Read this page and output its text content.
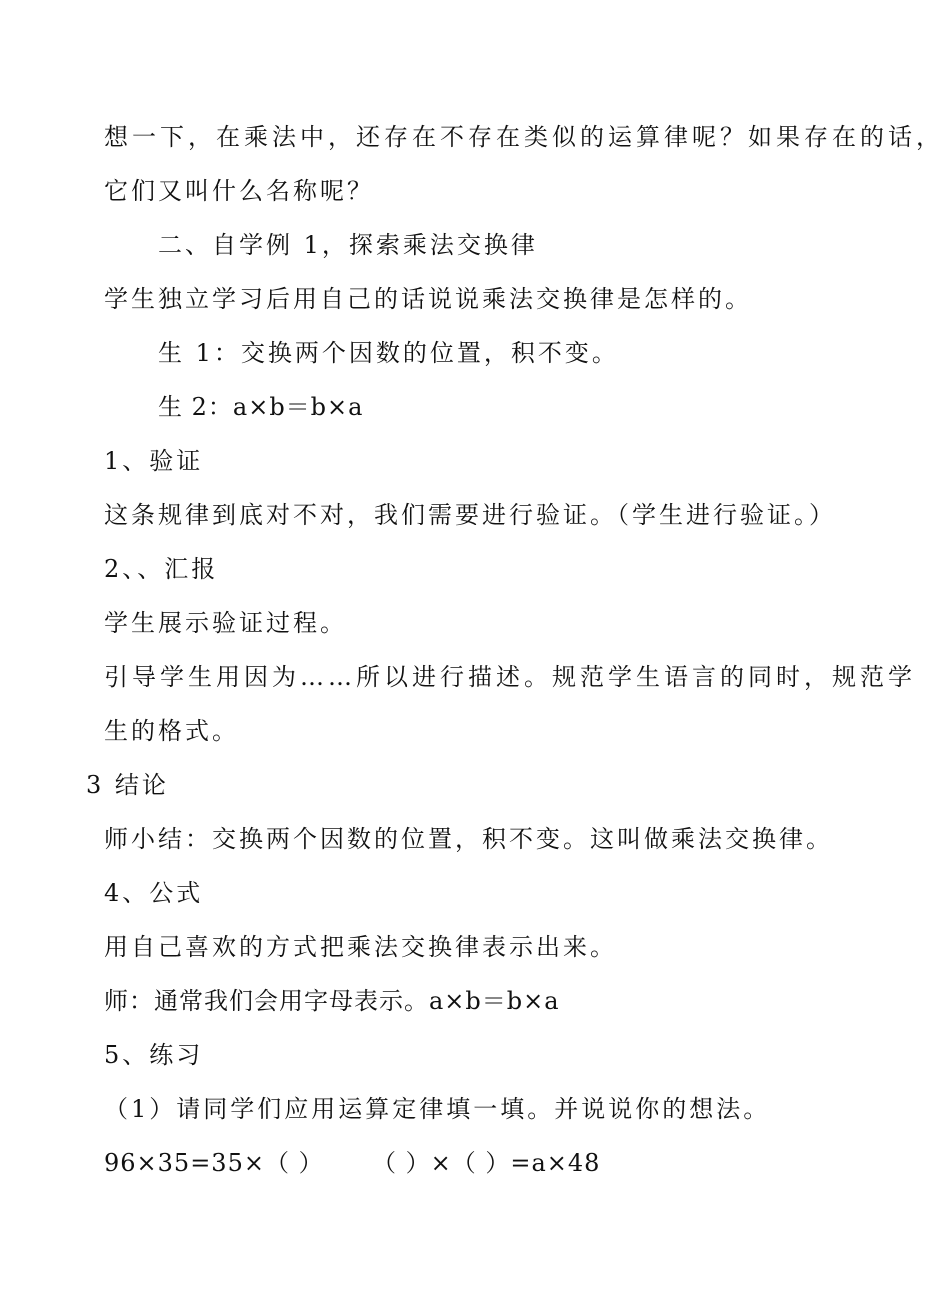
想一下，在乘法中，还存在不存在类似的运算律呢？如果存在的话，
它们又叫什么名称呢？
二、自学例 1，探索乘法交换律
学生独立学习后用自己的话说说乘法交换律是怎样的。
生 1：交换两个因数的位置，积不变。
生 2：a×b＝b×a
1、验证
这条规律到底对不对，我们需要进行验证。（学生进行验证。）
2、、汇报
学生展示验证过程。
引导学生用因为……所以进行描述。规范学生语言的同时，规范学
生的格式。
3 结论
师小结：交换两个因数的位置，积不变。这叫做乘法交换律。
4、公式
用自己喜欢的方式把乘法交换律表示出来。
师：通常我们会用字母表示。a×b＝b×a
5、练习
（1）请同学们应用运算定律填一填。并说说你的想法。
96×35=35×（ ） （ ）×（ ）=a×48
